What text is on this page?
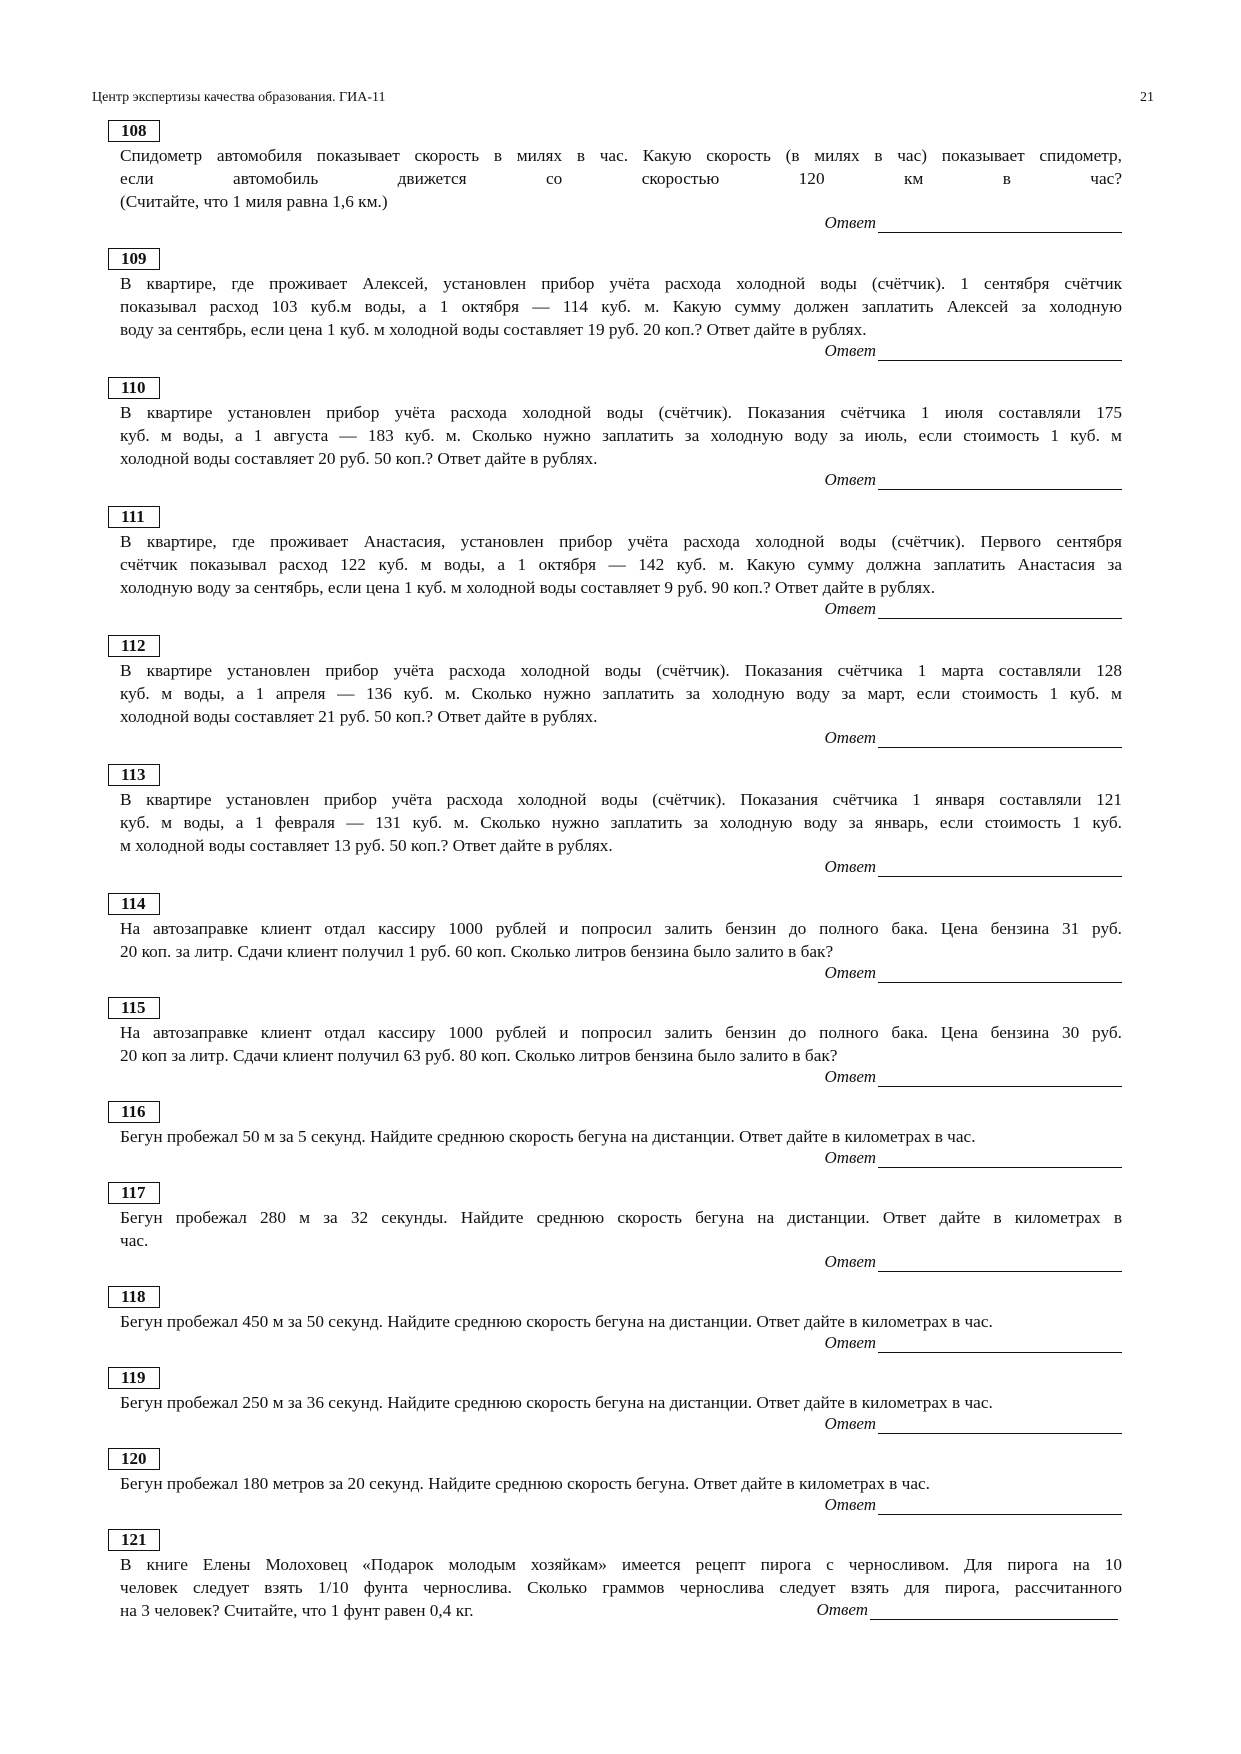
Центр экспертизы качества образования. ГИА-11	21
108
Спидометр автомобиля показывает скорость в милях в час. Какую скорость (в милях в час) показывает спидометр,
если автомобиль движется со скоростью 120 км в час?
(Считайте, что 1 миля равна 1,6 км.)
Ответ
109
В квартире, где проживает Алексей, установлен прибор учёта расхода холодной воды (счётчик). 1 сентября счётчик
показывал расход 103 куб.м воды, а 1 октября — 114 куб. м. Какую сумму должен заплатить Алексей за холодную
воду за сентябрь, если цена 1 куб. м холодной воды составляет 19 руб. 20 коп.? Ответ дайте в рублях.
Ответ
110
В квартире установлен прибор учёта расхода холодной воды (счётчик). Показания счётчика 1 июля составляли 175
куб. м воды, а 1 августа — 183 куб. м. Сколько нужно заплатить за холодную воду за июль, если стоимость 1 куб. м
холодной воды составляет 20 руб. 50 коп.? Ответ дайте в рублях.
Ответ
111
В квартире, где проживает Анастасия, установлен прибор учёта расхода холодной воды (счётчик). Первого сентября
счётчик показывал расход 122 куб. м воды, а 1 октября — 142 куб. м. Какую сумму должна заплатить Анастасия за
холодную воду за сентябрь, если цена 1 куб. м холодной воды составляет 9 руб. 90 коп.? Ответ дайте в рублях.
Ответ
112
В квартире установлен прибор учёта расхода холодной воды (счётчик). Показания счётчика 1 марта составляли 128
куб. м воды, а 1 апреля — 136 куб. м. Сколько нужно заплатить за холодную воду за март, если стоимость 1 куб. м
холодной воды составляет 21 руб. 50 коп.? Ответ дайте в рублях.
Ответ
113
В квартире установлен прибор учёта расхода холодной воды (счётчик). Показания счётчика 1 января составляли 121
куб. м воды, а 1 февраля — 131 куб. м. Сколько нужно заплатить за холодную воду за январь, если стоимость 1 куб.
м холодной воды составляет 13 руб. 50 коп.? Ответ дайте в рублях.
Ответ
114
На автозаправке клиент отдал кассиру 1000 рублей и попросил залить бензин до полного бака. Цена бензина 31 руб.
20 коп. за литр. Сдачи клиент получил 1 руб. 60 коп. Сколько литров бензина было залито в бак?
Ответ
115
На автозаправке клиент отдал кассиру 1000 рублей и попросил залить бензин до полного бака. Цена бензина 30 руб.
20 коп за литр. Сдачи клиент получил 63 руб. 80 коп. Сколько литров бензина было залито в бак?
Ответ
116
Бегун пробежал 50 м за 5 секунд. Найдите среднюю скорость бегуна на дистанции. Ответ дайте в километрах в час.
Ответ
117
Бегун пробежал 280 м за 32 секунды. Найдите среднюю скорость бегуна на дистанции. Ответ дайте в километрах в
час.
Ответ
118
Бегун пробежал 450 м за 50 секунд. Найдите среднюю скорость бегуна на дистанции. Ответ дайте в километрах в час.
Ответ
119
Бегун пробежал 250 м за 36 секунд. Найдите среднюю скорость бегуна на дистанции. Ответ дайте в километрах в час.
Ответ
120
Бегун пробежал 180 метров за 20 секунд. Найдите среднюю скорость бегуна. Ответ дайте в километрах в час.
Ответ
121
В книге Елены Молоховец «Подарок молодым хозяйкам» имеется рецепт пирога с черносливом. Для пирога на 10
человек следует взять 1/10 фунта чернослива. Сколько граммов чернослива следует взять для пирога, рассчитанного
на 3 человек? Считайте, что 1 фунт равен 0,4 кг.	Ответ
